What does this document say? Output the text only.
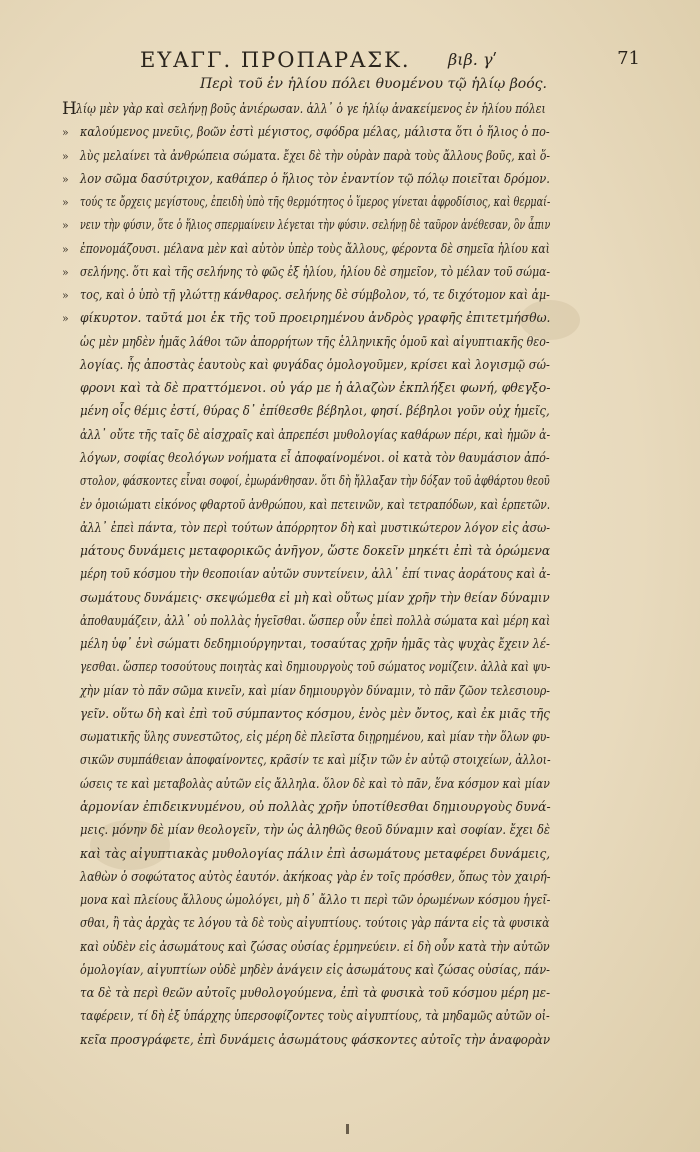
ΕΥΑΓΓ. ΠΡΟΠΑΡΑΣΚ. βιβ. γʹ	71
Περὶ τοῦ ἐν ἡλίου πόλει θυομένου τῷ ἡλίῳ βοός.
Η λίῳ μὲν γὰρ καὶ σελήνῃ βοῦς ἀνιέρωσαν. ἀλλ᾽ ὁ γε ἡλίῳ ἀνακείμενος ἐν ἡλίου πόλει
» καλούμενος μνεῦις, βοῶν ἐστὶ μέγιστος, σφόδρα μέλας, μάλιστα ὅτι ὁ ἥλιος ὁ πο-
» λὺς μελαίνει τὰ ἀνθρώπεια σώματα. ἔχει δὲ τὴν οὐρὰν παρὰ τοὺς ἄλλους βοῦς, καὶ ὅ-
» λον σῶμα δασύτριχον, καθάπερ ὁ ἥλιος τὸν ἐναντίον τῷ πόλῳ ποιεῖται δρόμον.
» τούς τε ὄρχεις μεγίστους, ἐπειδὴ ὑπὸ τῆς θερμότητος ὁ ἵμερος γίνεται ἀφροδίσιος, καὶ θερμαί-
» νειν τὴν φύσιν, ὅτε ὁ ἥλιος σπερμαίνειν λέγεται τὴν φύσιν. σελήνῃ δὲ ταῦρον ἀνέθεσαν, ὃν ἆπιν
» ἐπονομάζουσι. μέλανα μὲν καὶ αὐτὸν ὑπὲρ τοὺς ἄλλους, φέροντα δὲ σημεῖα ἡλίου καὶ
» σελήνης. ὅτι καὶ τῆς σελήνης τὸ φῶς ἐξ ἡλίου, ἡλίου δὲ σημεῖον, τὸ μέλαν τοῦ σώμα-
» τος, καὶ ὁ ὑπὸ τῇ γλώττῃ κάνθαρος. σελήνης δὲ σύμβολον, τό, τε διχότομον καὶ ἀμ-
» φίκυρτον. ταῦτά μοι ἐκ τῆς τοῦ προειρημένου ἀνδρὸς γραφῆς ἐπιτετμήσθω.
ὡς μὲν μηδὲν ἡμᾶς λάθοι τῶν ἀπορρήτων τῆς ἑλληνικῆς ὁμοῦ καὶ αἰγυπτιακῆς θεο-
λογίας. ἧς ἀποστὰς ἑαυτοὺς καὶ φυγάδας ὁμολογοῦμεν, κρίσει καὶ λογισμῷ σώ-
φρονι καὶ τὰ δὲ πραττόμενοι. οὐ γάρ με ἡ ἀλαζὼν ἐκπλήξει φωνή, φθεγξο-
μένη οἷς θέμις ἐστί, θύρας δ᾽ ἐπίθεσθε βέβηλοι, φησί. βέβηλοι γοῦν οὐχ ἡμεῖς,
ἀλλ᾽ οὔτε τῆς ταῖς δὲ αἰσχραῖς καὶ ἀπρεπέσι μυθολογίας καθάρων πέρι, καὶ ἡμῶν ἀ-
λόγων, σοφίας θεολόγων νοήματα εἶ ἀποφαίνομένοι. οἱ κατὰ τὸν θαυμάσιον ἀπό-
στολον, φάσκοντες εἶναι σοφοί, ἐμωράνθησαν. ὅτι δὴ ἤλλαξαν τὴν δόξαν τοῦ ἀφθάρτου θεοῦ
ἐν ὁμοιώματι εἰκόνος φθαρτοῦ ἀνθρώπου, καὶ πετεινῶν, καὶ τετραπόδων, καὶ ἑρπετῶν.
ἀλλ᾽ ἐπεὶ πάντα, τὸν περὶ τούτων ἀπόρρητον δὴ καὶ μυστικώτερον λόγον εἰς ἀσω-
μάτους δυνάμεις μεταφορικῶς ἀνῆγον, ὥστε δοκεῖν μηκέτι ἐπὶ τὰ ὁρώμενα
μέρη τοῦ κόσμου τὴν θεοποιίαν αὐτῶν συντείνειν, ἀλλ᾽ ἐπί τινας ἀοράτους καὶ ἀ-
σωμάτους δυνάμεις· σκεψώμεθα εἰ μὴ καὶ οὕτως μίαν χρῆν τὴν θείαν δύναμιν
ἀποθαυμάζειν, ἀλλ᾽ οὐ πολλὰς ἡγεῖσθαι. ὥσπερ οὖν ἐπεὶ πολλὰ σώματα καὶ μέρη καὶ
μέλη ὑφ᾽ ἑνὶ σώματι δεδημιούργηνται, τοσαύτας χρῆν ἡμᾶς τὰς ψυχὰς ἔχειν λέ-
γεσθαι. ὥσπερ τοσούτους ποιητὰς καὶ δημιουργοὺς τοῦ σώματος νομίζειν. ἀλλὰ καὶ ψυ-
χὴν μίαν τὸ πᾶν σῶμα κινεῖν, καὶ μίαν δημιουργὸν δύναμιν, τὸ πᾶν ζῶον τελεσιουρ-
γεῖν. οὕτω δὴ καὶ ἐπὶ τοῦ σύμπαντος κόσμου, ἑνὸς μὲν ὄντος, καὶ ἐκ μιᾶς τῆς
σωματικῆς ὕλης συνεστῶτος, εἰς μέρη δὲ πλεῖστα διῃρημένου, καὶ μίαν τὴν ὅλων φυ-
σικῶν συμπάθειαν ἀποφαίνοντες, κρᾶσίν τε καὶ μίξιν τῶν ἐν αὐτῷ στοιχείων, ἀλλοι-
ώσεις τε καὶ μεταβολὰς αὐτῶν εἰς ἄλληλα. ὅλον δὲ καὶ τὸ πᾶν, ἕνα κόσμον καὶ μίαν
ἁρμονίαν ἐπιδεικνυμένου, οὐ πολλὰς χρῆν ὑποτίθεσθαι δημιουργοὺς δυνά-
μεις. μόνην δὲ μίαν θεολογεῖν, τὴν ὡς ἀληθῶς θεοῦ δύναμιν καὶ σοφίαν. ἔχει δὲ
καὶ τὰς αἰγυπτιακὰς μυθολογίας πάλιν ἐπὶ ἀσωμάτους μεταφέρει δυνάμεις,
λαθὼν ὁ σοφώτατος αὐτὸς ἑαυτόν. ἀκήκοας γὰρ ἐν τοῖς πρόσθεν, ὅπως τὸν χαιρή-
μονα καὶ πλείους ἄλλους ὡμολόγει, μὴ δ᾽ ἄλλο τι περὶ τῶν ὁρωμένων κόσμου ἡγεῖ-
σθαι, ἢ τὰς ἀρχὰς τε λόγου τὰ δὲ τοὺς αἰγυπτίους. τούτοις γὰρ πάντα εἰς τὰ φυσικὰ
καὶ οὐδὲν εἰς ἀσωμάτους καὶ ζώσας οὐσίας ἑρμηνεύειν. εἰ δὴ οὖν κατὰ τὴν αὐτῶν
ὁμολογίαν, αἰγυπτίων οὐδὲ μηδὲν ἀνάγειν εἰς ἀσωμάτους καὶ ζώσας οὐσίας, πάν-
τα δὲ τὰ περὶ θεῶν αὐτοῖς μυθολογούμενα, ἐπὶ τὰ φυσικὰ τοῦ κόσμου μέρη με-
ταφέρειν, τί δὴ ἐξ ὑπάρχης ὑπερσοφίζοντες τοὺς αἰγυπτίους, τὰ μηδαμῶς αὐτῶν οἰ-
κεῖα προσγράφετε, ἐπὶ δυνάμεις ἀσωμάτους φάσκοντες αὐτοῖς τὴν ἀναφορὰν
